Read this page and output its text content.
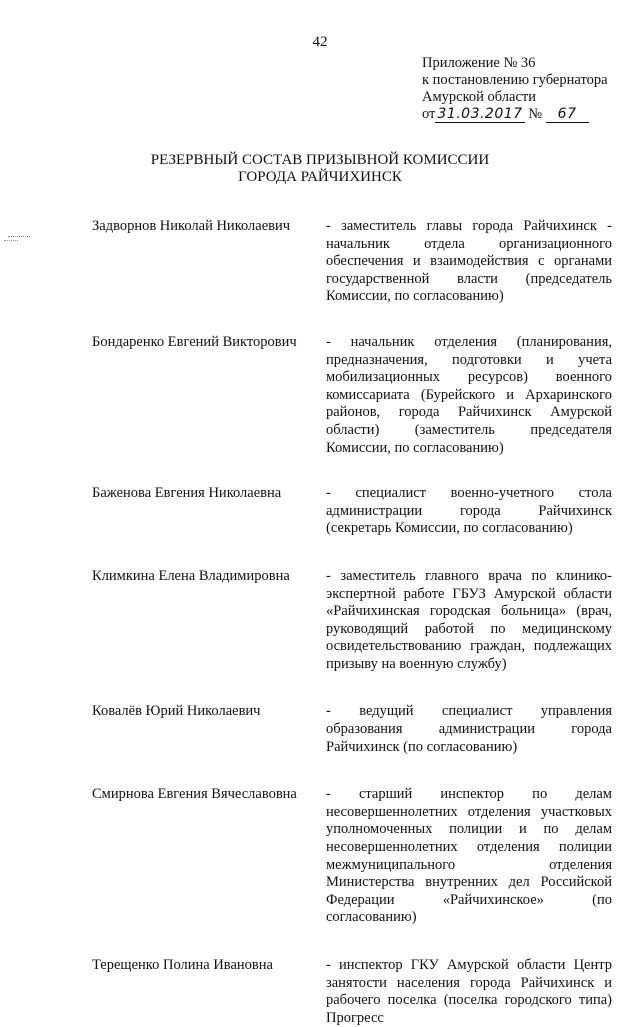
42
Приложение № 36
к постановлению губернатора
Амурской области
от 31.03.2017 № 67
РЕЗЕРВНЫЙ СОСТАВ ПРИЗЫВНОЙ КОМИССИИ
ГОРОДА РАЙЧИХИНСК
Задворнов Николай Николаевич	- заместитель главы города Райчихинск - начальник отдела организационного обеспечения и взаимодействия с органами государственной власти (председатель Комиссии, по согласованию)
Бондаренко Евгений Викторович	- начальник отделения (планирования, предназначения, подготовки и учета мобилизационных ресурсов) военного комиссариата (Бурейского и Архаринского районов, города Райчихинск Амурской области) (заместитель председателя Комиссии, по согласованию)
Баженова Евгения Николаевна	- специалист военно-учетного стола администрации города Райчихинск (секретарь Комиссии, по согласованию)
Климкина Елена Владимировна	- заместитель главного врача по клинико-экспертной работе ГБУЗ Амурской области «Райчихинская городская больница» (врач, руководящий работой по медицинскому освидетельствованию граждан, подлежащих призыву на военную службу)
Ковалёв Юрий Николаевич	- ведущий специалист управления образования администрации города Райчихинск (по согласованию)
Смирнова Евгения Вячеславовна	- старший инспектор по делам несовершеннолетних отделения участковых уполномоченных полиции и по делам несовершеннолетних отделения полиции межмуниципального отделения Министерства внутренних дел Российской Федерации «Райчихинское» (по согласованию)
Терещенко Полина Ивановна	- инспектор ГКУ Амурской области Центр занятости населения города Райчихинск и рабочего поселка (поселка городского типа) Прогресс
